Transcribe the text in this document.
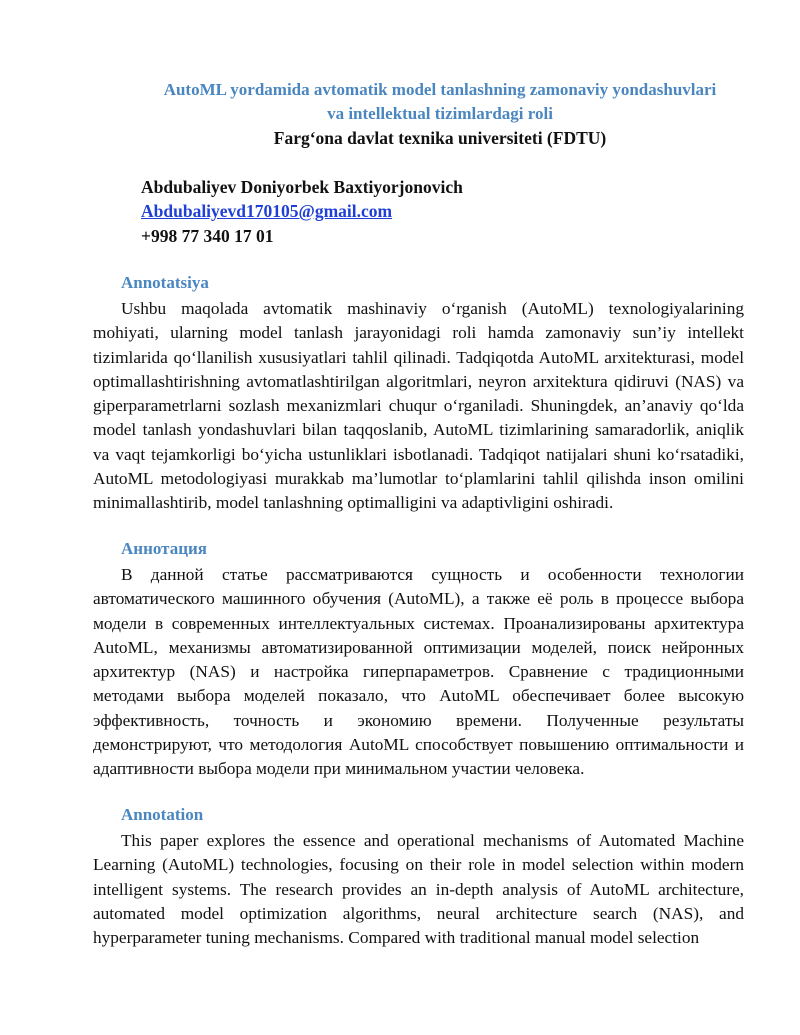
AutoML yordamida avtomatik model tanlashning zamonaviy yondashuvlari
va intellektual tizimlardagi roli
Farg‘ona davlat texnika universiteti (FDTU)
Abdubaliyev Doniyorbek Baxtiyorjonovich
Abdubaliyevd170105@gmail.com
+998 77 340 17 01
Annotatsiya
Ushbu maqolada avtomatik mashinaviy o‘rganish (AutoML) texnologiyalarining mohiyati, ularning model tanlash jarayonidagi roli hamda zamonaviy sun’iy intellekt tizimlarida qo‘llanilish xususiyatlari tahlil qilinadi. Tadqiqotda AutoML arxitekturasi, model optimallashtirishning avtomatlashtirilgan algoritmlari, neyron arxitektura qidiruvi (NAS) va giperparametrlarni sozlash mexanizmlari chuqur o‘rganiladi. Shuningdek, an’anaviy qo‘lda model tanlash yondashuvlari bilan taqqoslanib, AutoML tizimlarining samaradorlik, aniqlik va vaqt tejamkorligi bo‘yicha ustunliklari isbotlanadi. Tadqiqot natijalari shuni ko‘rsatadiki, AutoML metodologiyasi murakkab ma’lumotlar to‘plamlarini tahlil qilishda inson omilini minimallashtirib, model tanlashning optimalligini va adaptivligini oshiradi.
Аннотация
В данной статье рассматриваются сущность и особенности технологии автоматического машинного обучения (AutoML), а также её роль в процессе выбора модели в современных интеллектуальных системах. Проанализированы архитектура AutoML, механизмы автоматизированной оптимизации моделей, поиск нейронных архитектур (NAS) и настройка гиперпараметров. Сравнение с традиционными методами выбора моделей показало, что AutoML обеспечивает более высокую эффективность, точность и экономию времени. Полученные результаты демонстрируют, что методология AutoML способствует повышению оптимальности и адаптивности выбора модели при минимальном участии человека.
Annotation
This paper explores the essence and operational mechanisms of Automated Machine Learning (AutoML) technologies, focusing on their role in model selection within modern intelligent systems. The research provides an in-depth analysis of AutoML architecture, automated model optimization algorithms, neural architecture search (NAS), and hyperparameter tuning mechanisms. Compared with traditional manual model selection
